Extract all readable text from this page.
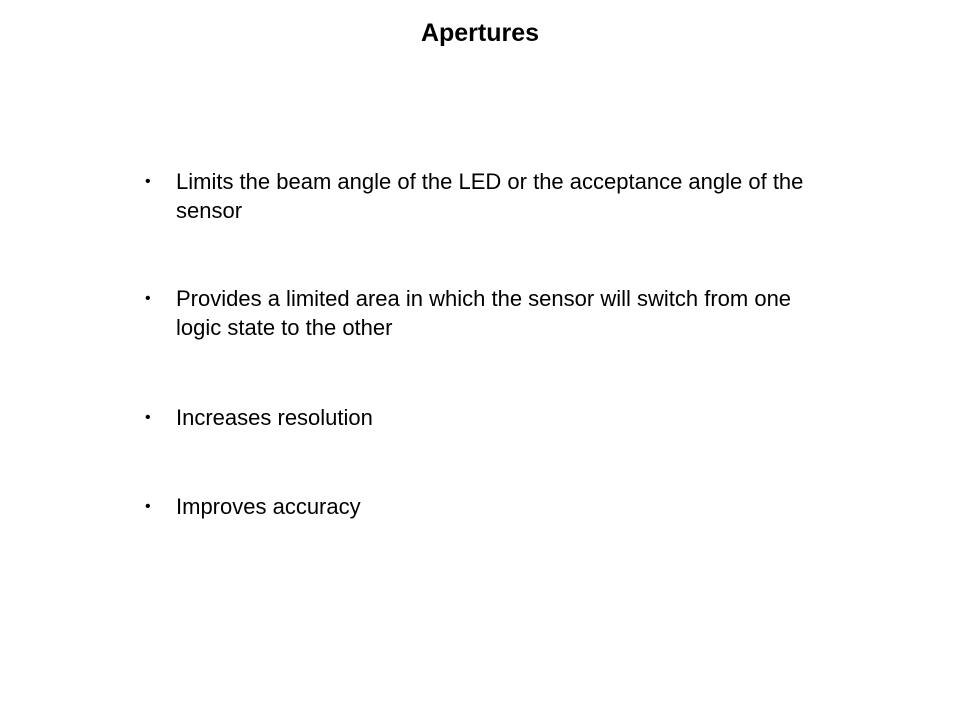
Apertures
•	Limits the beam angle of the LED or the acceptance angle of the sensor
•	Provides a limited area in which the sensor will switch from one logic state to the other
•	Increases resolution
•	Improves accuracy
